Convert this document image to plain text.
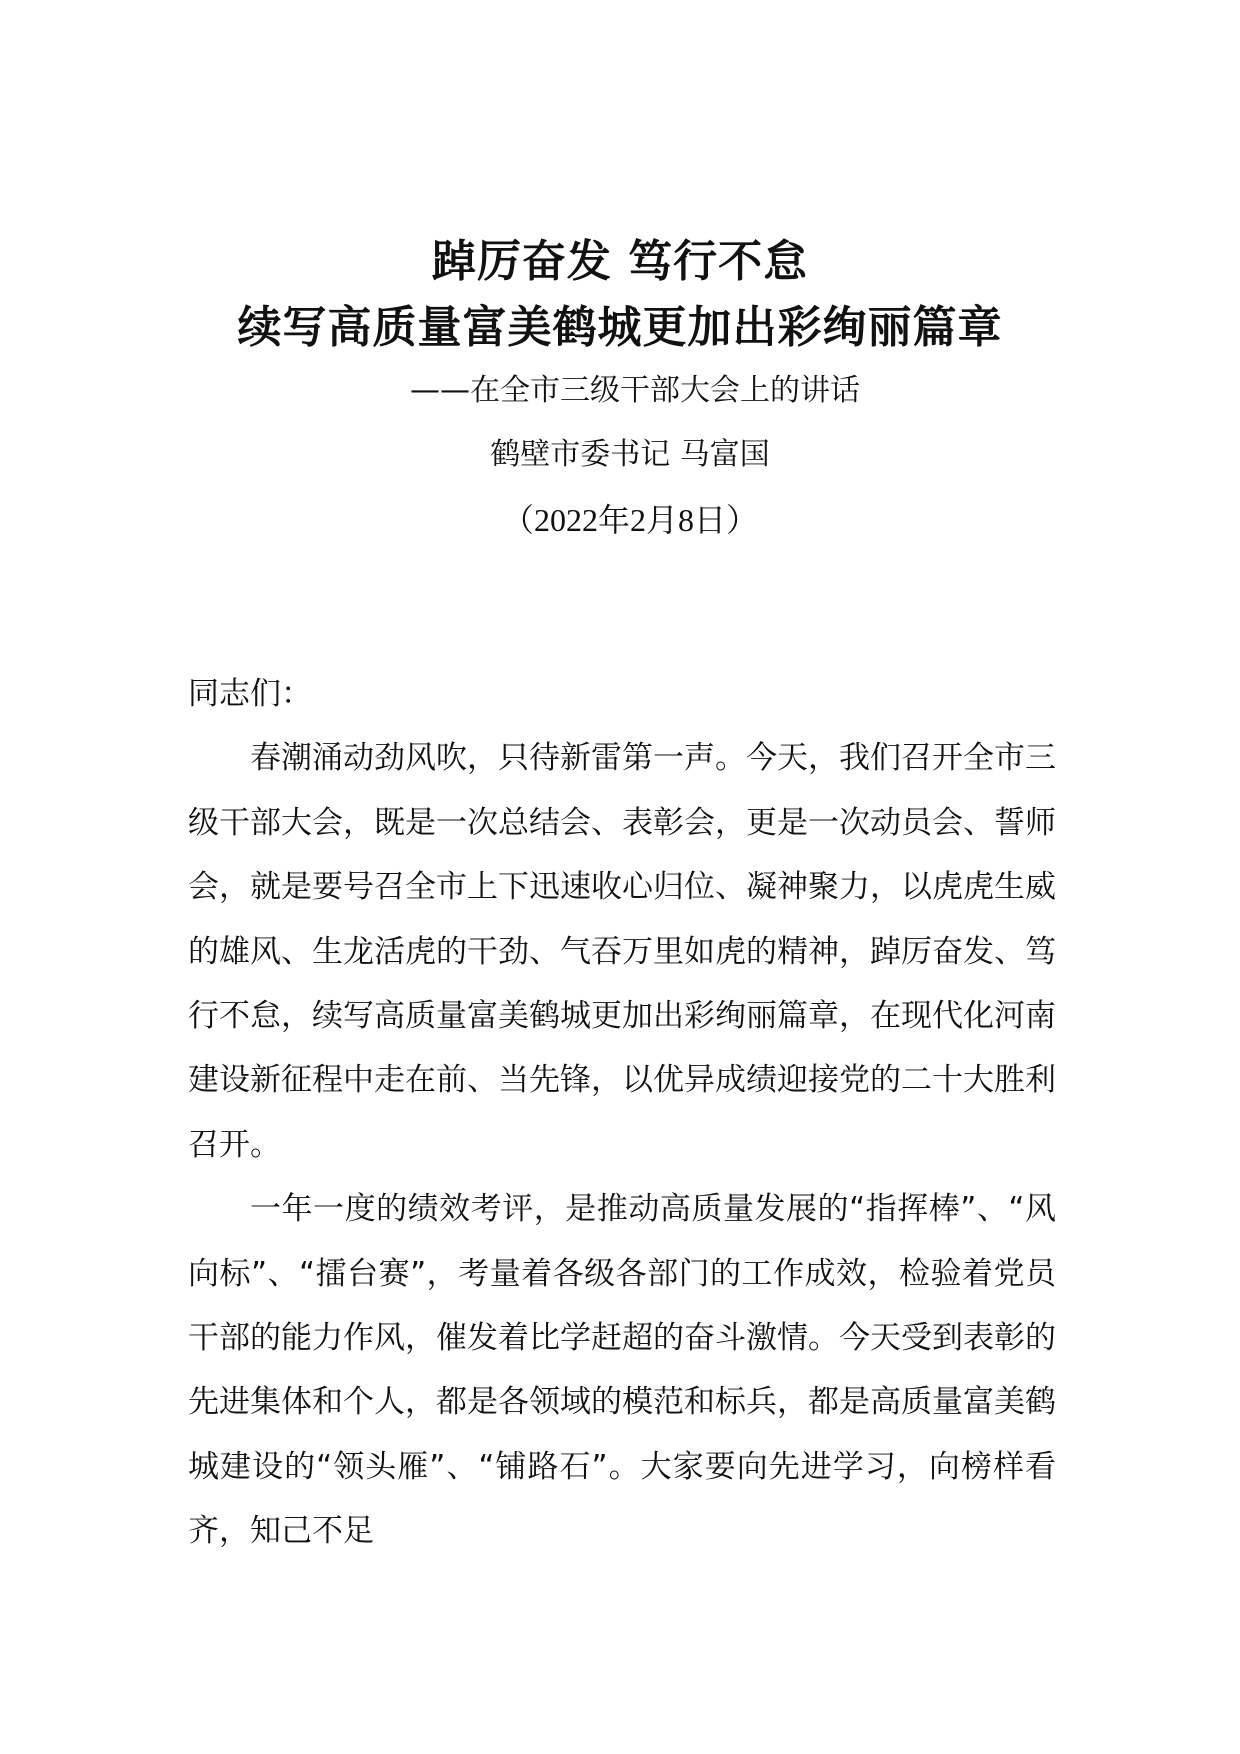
踔厉奋发 笃行不怠
续写高质量富美鹤城更加出彩绚丽篇章
——在全市三级干部大会上的讲话
鹤壁市委书记 马富国
（2022年2月8日）

同志们：

春潮涌动劲风吹，只待新雷第一声。今天，我们召开全市三级干部大会，既是一次总结会、表彰会，更是一次动员会、誓师会，就是要号召全市上下迅速收心归位、凝神聚力，以虎虎生威的雄风、生龙活虎的干劲、气吞万里如虎的精神，踔厉奋发、笃行不怠，续写高质量富美鹤城更加出彩绚丽篇章，在现代化河南建设新征程中走在前、当先锋，以优异成绩迎接党的二十大胜利召开。

一年一度的绩效考评，是推动高质量发展的“指挥棒”、“风向标”、“擂台赛”，考量着各级各部门的工作成效，检验着党员干部的能力作风，催发着比学赶超的奋斗激情。今天受到表彰的先进集体和个人，都是各领域的模范和标兵，都是高质量富美鹤城建设的“领头雁”、“铺路石”。大家要向先进学习，向榜样看齐，知己不足
